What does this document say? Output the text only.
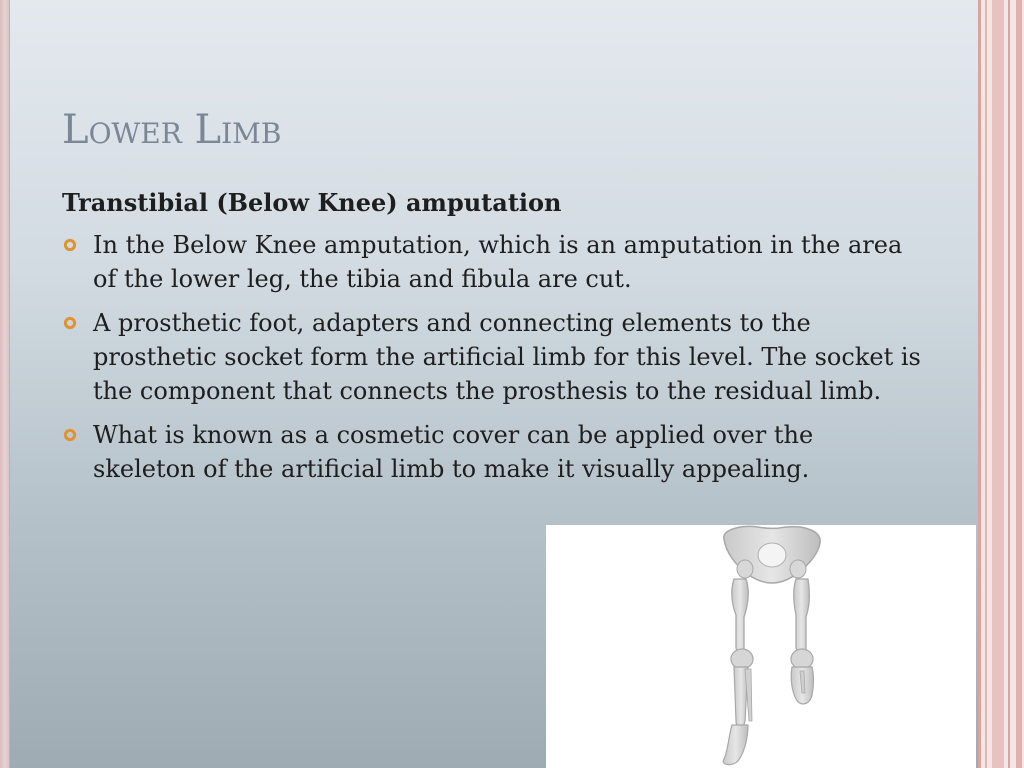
Lower Limb
Transtibial (Below Knee) amputation
In the Below Knee amputation, which is an amputation in the area of the lower leg, the tibia and fibula are cut.
A prosthetic foot, adapters and connecting elements to the prosthetic socket form the artificial limb for this level. The socket is the component that connects the prosthesis to the residual limb.
What is known as a cosmetic cover can be applied over the skeleton of the artificial limb to make it visually appealing.
